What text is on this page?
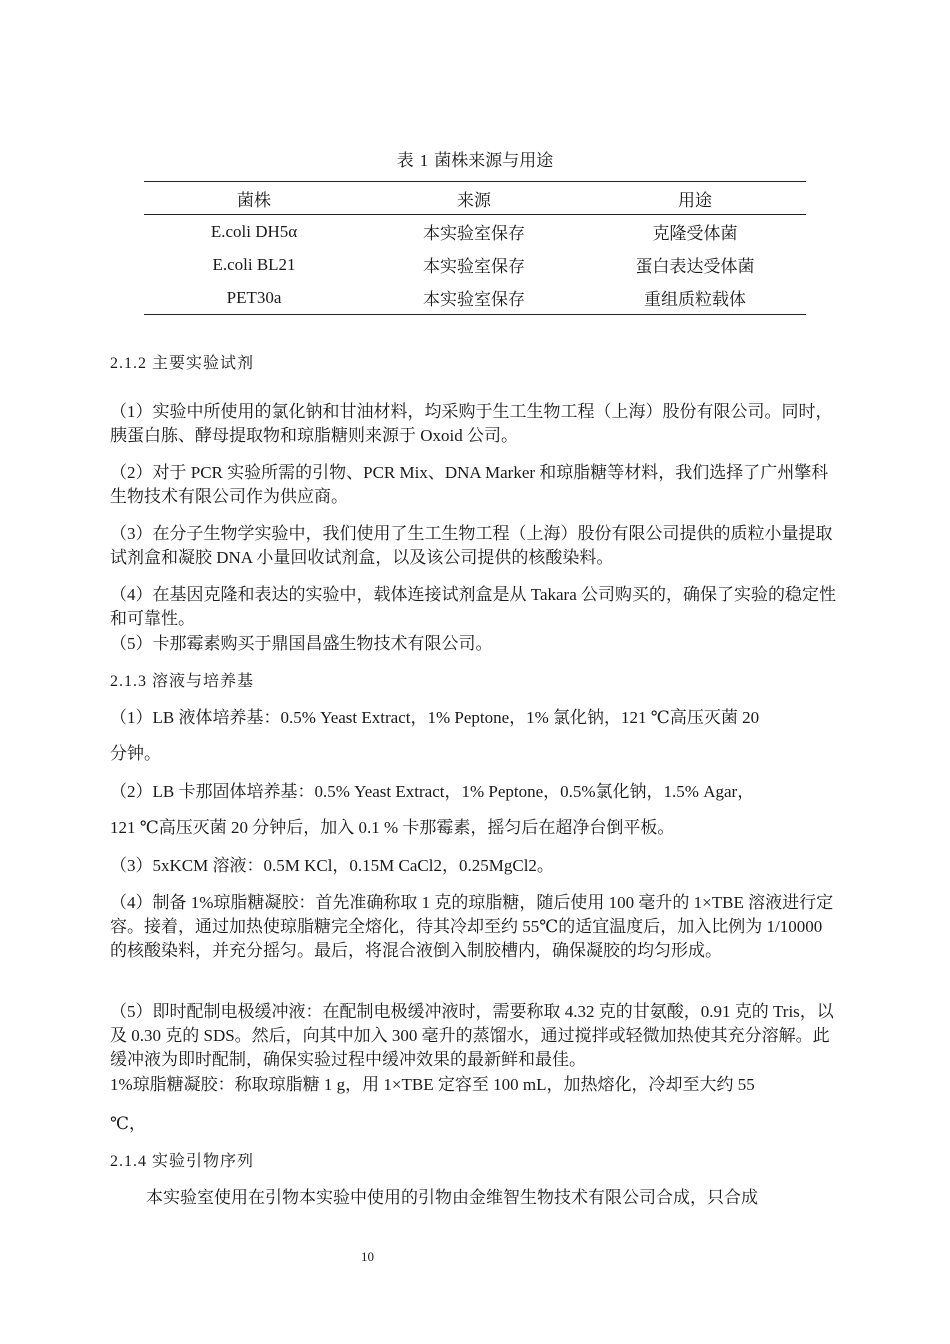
表 1 菌株来源与用途
菌株	来源	用途
E.coli DH5α	本实验室保存	克隆受体菌
E.coli BL21	本实验室保存	蛋白表达受体菌
PET30a	本实验室保存	重组质粒载体

2.1.2 主要实验试剂

（1）实验中所使用的氯化钠和甘油材料，均采购于生工生物工程（上海）股份有限公司。同时，胰蛋白胨、酵母提取物和琼脂糖则来源于 Oxoid 公司。

（2）对于 PCR 实验所需的引物、PCR Mix、DNA Marker 和琼脂糖等材料，我们选择了广州擎科生物技术有限公司作为供应商。

（3）在分子生物学实验中，我们使用了生工生物工程（上海）股份有限公司提供的质粒小量提取试剂盒和凝胶 DNA 小量回收试剂盒，以及该公司提供的核酸染料。

（4）在基因克隆和表达的实验中，载体连接试剂盒是从 Takara 公司购买的，确保了实验的稳定性和可靠性。

（5）卡那霉素购买于鼎国昌盛生物技术有限公司。

2.1.3 溶液与培养基

（1）LB 液体培养基：0.5% Yeast Extract，1% Peptone，1% 氯化钠，121 ℃高压灭菌 20

分钟。

（2）LB 卡那固体培养基：0.5% Yeast Extract，1% Peptone，0.5%氯化钠，1.5% Agar，

121 ℃高压灭菌 20 分钟后，加入 0.1 % 卡那霉素，摇匀后在超净台倒平板。

（3）5xKCM 溶液：0.5M KCl，0.15M CaCl2，0.25MgCl2。

（4）制备 1%琼脂糖凝胶：首先准确称取 1 克的琼脂糖，随后使用 100 毫升的 1×TBE 溶液进行定容。接着，通过加热使琼脂糖完全熔化，待其冷却至约 55℃的适宜温度后，加入比例为 1/10000 的核酸染料，并充分摇匀。最后，将混合液倒入制胶槽内，确保凝胶的均匀形成。

（5）即时配制电极缓冲液：在配制电极缓冲液时，需要称取 4.32 克的甘氨酸，0.91 克的 Tris，以及 0.30 克的 SDS。然后，向其中加入 300 毫升的蒸馏水，通过搅拌或轻微加热使其充分溶解。此缓冲液为即时配制，确保实验过程中缓冲效果的最新鲜和最佳。

1%琼脂糖凝胶：称取琼脂糖 1 g，用 1×TBE 定容至 100 mL，加热熔化，冷却至大约 55

℃，

2.1.4 实验引物序列

本实验室使用在引物本实验中使用的引物由金维智生物技术有限公司合成，只合成

10
